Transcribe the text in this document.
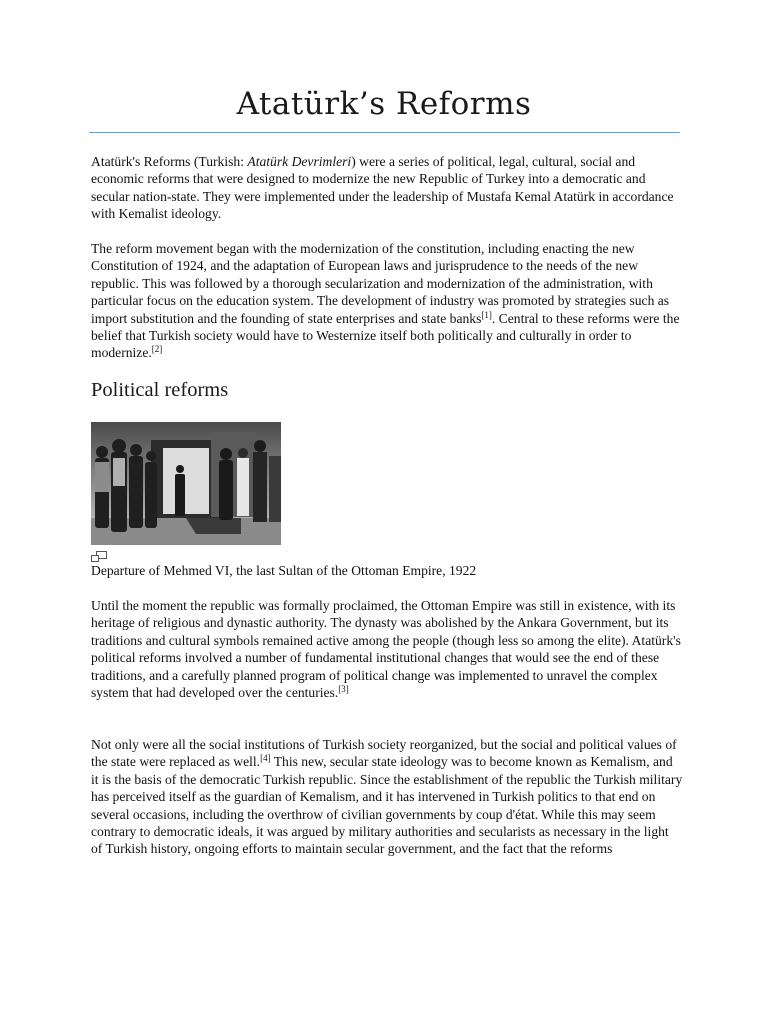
Atatürk’s Reforms

Atatürk's Reforms (Turkish: Atatürk Devrimleri) were a series of political, legal, cultural, social and economic reforms that were designed to modernize the new Republic of Turkey into a democratic and secular nation-state. They were implemented under the leadership of Mustafa Kemal Atatürk in accordance with Kemalist ideology.

The reform movement began with the modernization of the constitution, including enacting the new Constitution of 1924, and the adaptation of European laws and jurisprudence to the needs of the new republic. This was followed by a thorough secularization and modernization of the administration, with particular focus on the education system. The development of industry was promoted by strategies such as import substitution and the founding of state enterprises and state banks[1]. Central to these reforms were the belief that Turkish society would have to Westernize itself both politically and culturally in order to modernize.[2]

Political reforms
Departure of Mehmed VI, the last Sultan of the Ottoman Empire, 1922

Until the moment the republic was formally proclaimed, the Ottoman Empire was still in existence, with its heritage of religious and dynastic authority. The dynasty was abolished by the Ankara Government, but its traditions and cultural symbols remained active among the people (though less so among the elite). Atatürk's political reforms involved a number of fundamental institutional changes that would see the end of these traditions, and a carefully planned program of political change was implemented to unravel the complex system that had developed over the centuries.[3]

Not only were all the social institutions of Turkish society reorganized, but the social and political values of the state were replaced as well.[4] This new, secular state ideology was to become known as Kemalism, and it is the basis of the democratic Turkish republic. Since the establishment of the republic the Turkish military has perceived itself as the guardian of Kemalism, and it has intervened in Turkish politics to that end on several occasions, including the overthrow of civilian governments by coup d'état. While this may seem contrary to democratic ideals, it was argued by military authorities and secularists as necessary in the light of Turkish history, ongoing efforts to maintain secular government, and the fact that the reforms
